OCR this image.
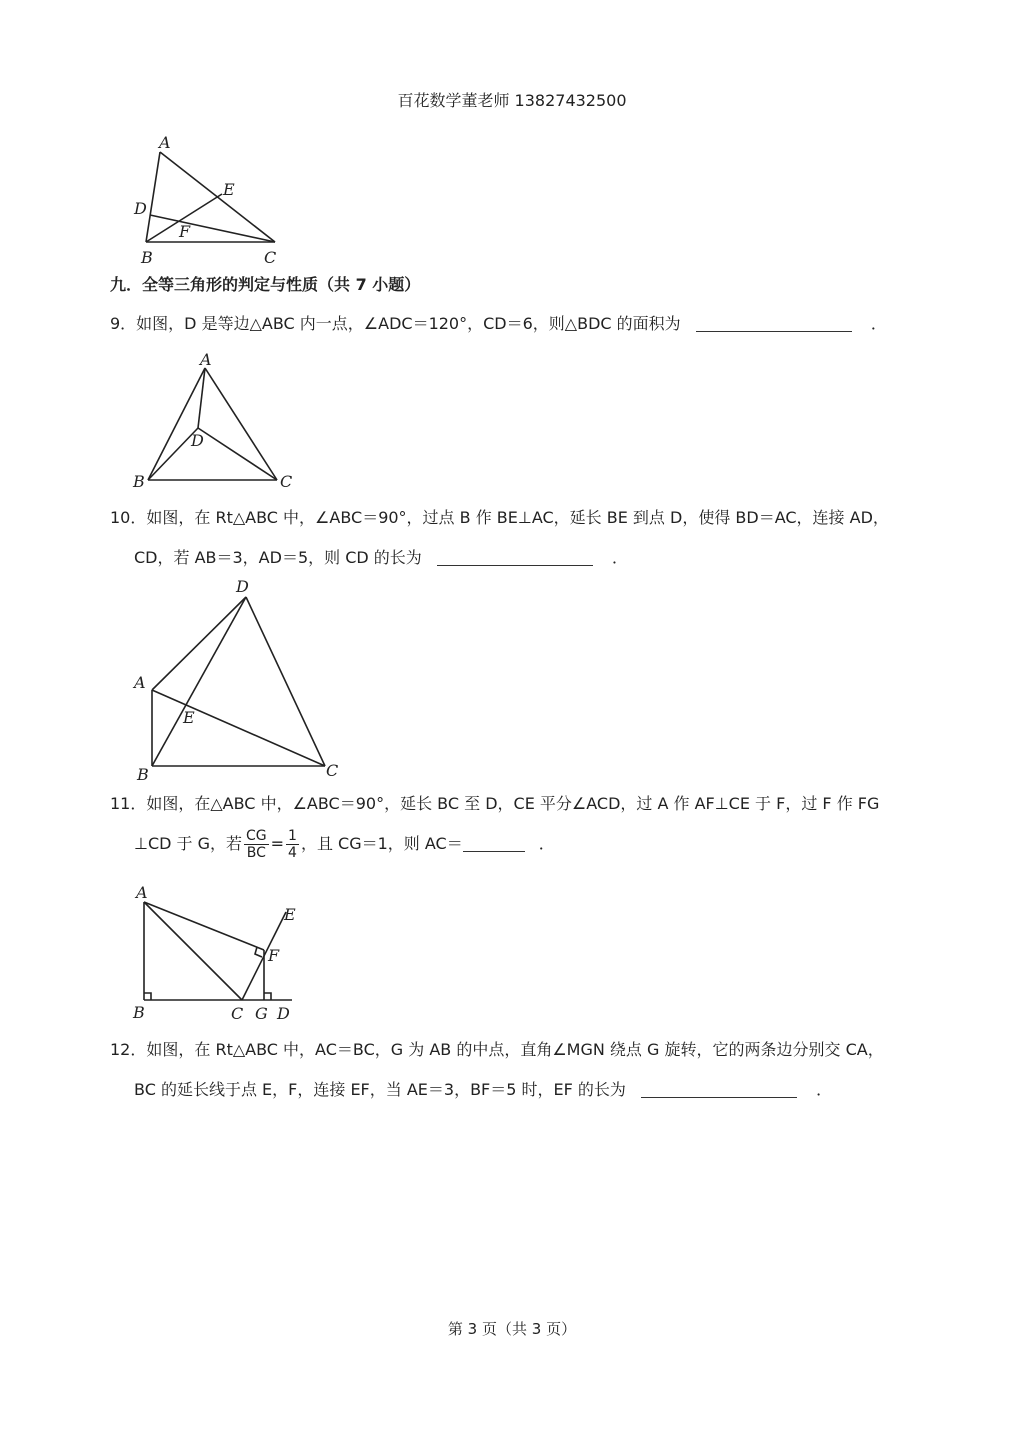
百花数学董老师 13827432500
A
B	C
D
E
F
九．全等三角形的判定与性质（共 7 小题）
9．如图，D 是等边△ABC 内一点，∠ADC＝120°，CD＝6，则△BDC 的面积为	．
A
B	C
D
10．如图，在 Rt△ABC 中，∠ABC＝90°，过点 B 作 BE⊥AC，延长 BE 到点 D，使得 BD＝AC，连接 AD，
CD，若 AB＝3，AD＝5，则 CD 的长为	．
D
A
E
B	C
11．如图，在△ABC 中，∠ABC＝90°，延长 BC 至 D，CE 平分∠ACD，过 A 作 AF⊥CE 于 F，过 F 作 FG
⊥CD 于 G，若 $\frac{CG}{BC} = \frac{1}{4}$ ，且 CG＝1，则 AC＝	．
A
E
F
B	C G D
12．如图，在 Rt△ABC 中，AC＝BC，G 为 AB 的中点，直角∠MGN 绕点 G 旋转，它的两条边分别交 CA，
BC 的延长线于点 E，F，连接 EF，当 AE＝3，BF＝5 时，EF 的长为	．
第 3 页（共 3 页）
